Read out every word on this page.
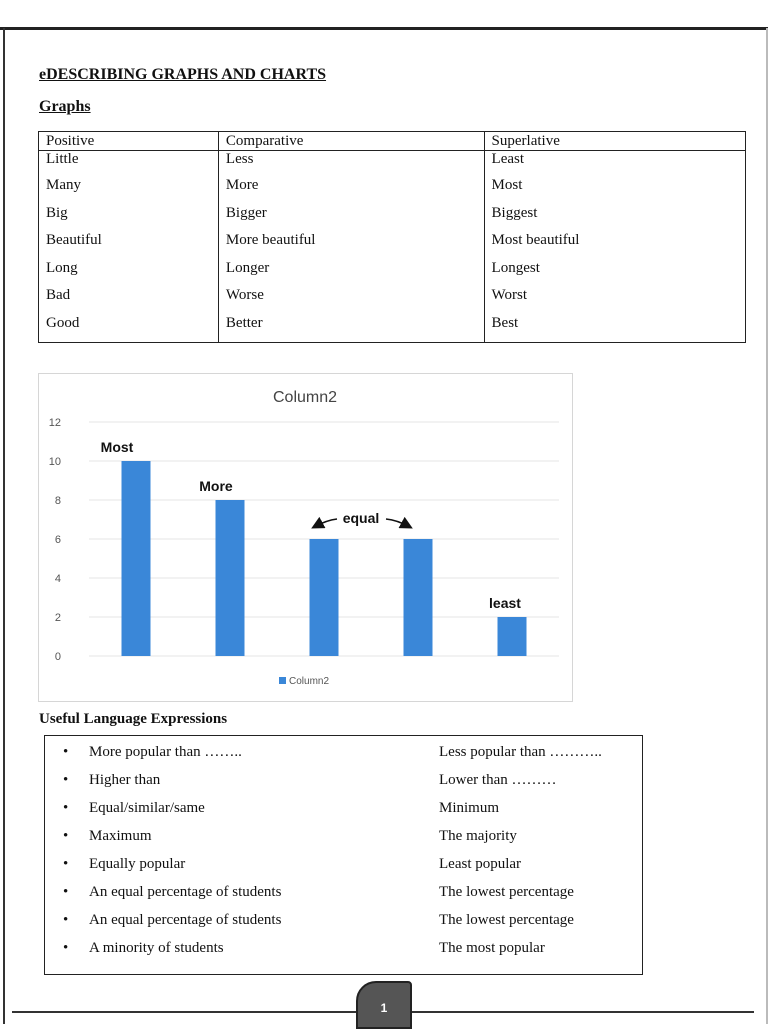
eDESCRIBING GRAPHS AND CHARTS
Graphs
Positive	Comparative	Superlative
Little	Less	Least
Many	More	Most
Big	Bigger	Biggest
Beautiful	More beautiful	Most beautiful
Long	Longer	Longest
Bad	Worse	Worst
Good	Better	Best
Column2
0
2
4
6
8
10
12
Most
More
equal
least
Column2
Useful Language Expressions
• More popular than ……..	Less popular than ………..
• Higher than	Lower than ………
• Equal/similar/same	Minimum
• Maximum	The majority
• Equally popular	Least popular
• An equal percentage of students	The lowest percentage
• An equal percentage of students	The lowest percentage
• A minority of students	The most popular
1
